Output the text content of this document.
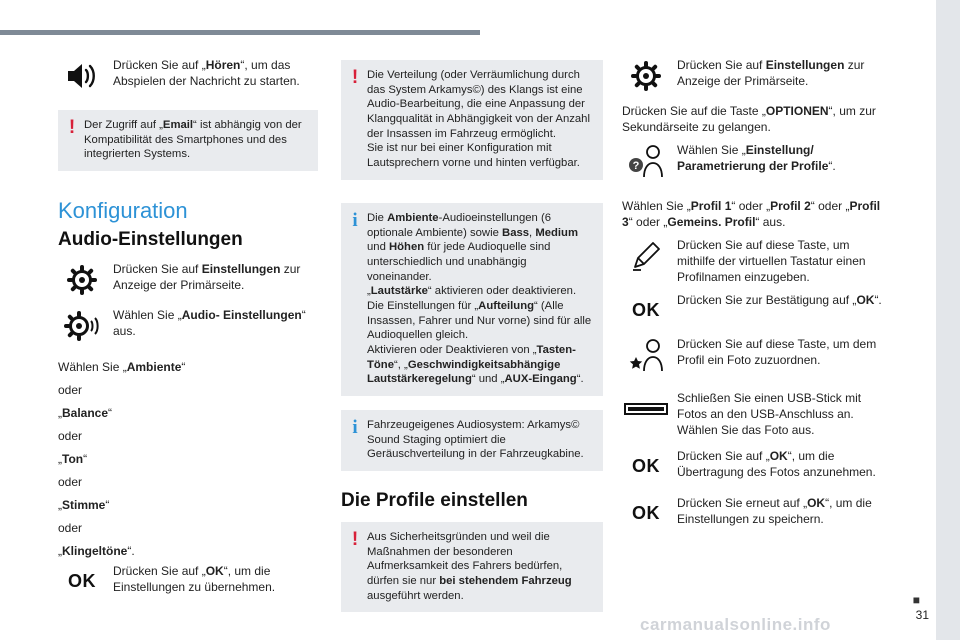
Drücken Sie auf „Hören“, um das Abspielen der Nachricht zu starten.
! Der Zugriff auf „Email“ ist abhängig von der Kompatibilität des Smartphones und des integrierten Systems.
Konfiguration
Audio-Einstellungen
Drücken Sie auf Einstellungen zur Anzeige der Primärseite.
Wählen Sie „Audio- Einstellungen“ aus.
Wählen Sie „Ambiente“
oder
„Balance“
oder
„Ton“
oder
„Stimme“
oder
„Klingeltöne“.
OK
Drücken Sie auf „OK“, um die Einstellungen zu übernehmen.
! Die Verteilung (oder Verräumlichung durch das System Arkamys©) des Klangs ist eine Audio-Bearbeitung, die eine Anpassung der Klangqualität in Abhängigkeit von der Anzahl der Insassen im Fahrzeug ermöglicht.
Sie ist nur bei einer Konfiguration mit Lautsprechern vorne und hinten verfügbar.
i Die Ambiente-Audioeinstellungen (6 optionale Ambiente) sowie Bass, Medium und Höhen für jede Audioquelle sind unterschiedlich und unabhängig voneinander.
„Lautstärke“ aktivieren oder deaktivieren. Die Einstellungen für „Aufteilung“ (Alle Insassen, Fahrer und Nur vorne) sind für alle Audioquellen gleich.
Aktivieren oder Deaktivieren von „Tasten-Töne“, „Geschwindigkeitsabhängige Lautstärkeregelung“ und „AUX-Eingang“.
i Fahrzeugeigenes Audiosystem: Arkamys© Sound Staging optimiert die Geräuschverteilung in der Fahrzeugkabine.
Die Profile einstellen
! Aus Sicherheitsgründen und weil die Maßnahmen der besonderen Aufmerksamkeit des Fahrers bedürfen, dürfen sie nur bei stehendem Fahrzeug ausgeführt werden.
Drücken Sie auf Einstellungen zur Anzeige der Primärseite.
Drücken Sie auf die Taste „OPTIONEN“, um zur Sekundärseite zu gelangen.
?
Wählen Sie „Einstellung/ Parametrierung der Profile“.
Wählen Sie „Profil 1“ oder „Profil 2“ oder „Profil 3“ oder „Gemeins. Profil“ aus.
Drücken Sie auf diese Taste, um mithilfe der virtuellen Tastatur einen Profilnamen einzugeben.
OK
Drücken Sie zur Bestätigung auf „OK“.
Drücken Sie auf diese Taste, um dem Profil ein Foto zuzuordnen.
Schließen Sie einen USB-Stick mit Fotos an den USB-Anschluss an. Wählen Sie das Foto aus.
OK
Drücken Sie auf „OK“, um die Übertragung des Fotos anzunehmen.
OK
Drücken Sie erneut auf „OK“, um die Einstellungen zu speichern.
■
31
carmanualsonline.info
